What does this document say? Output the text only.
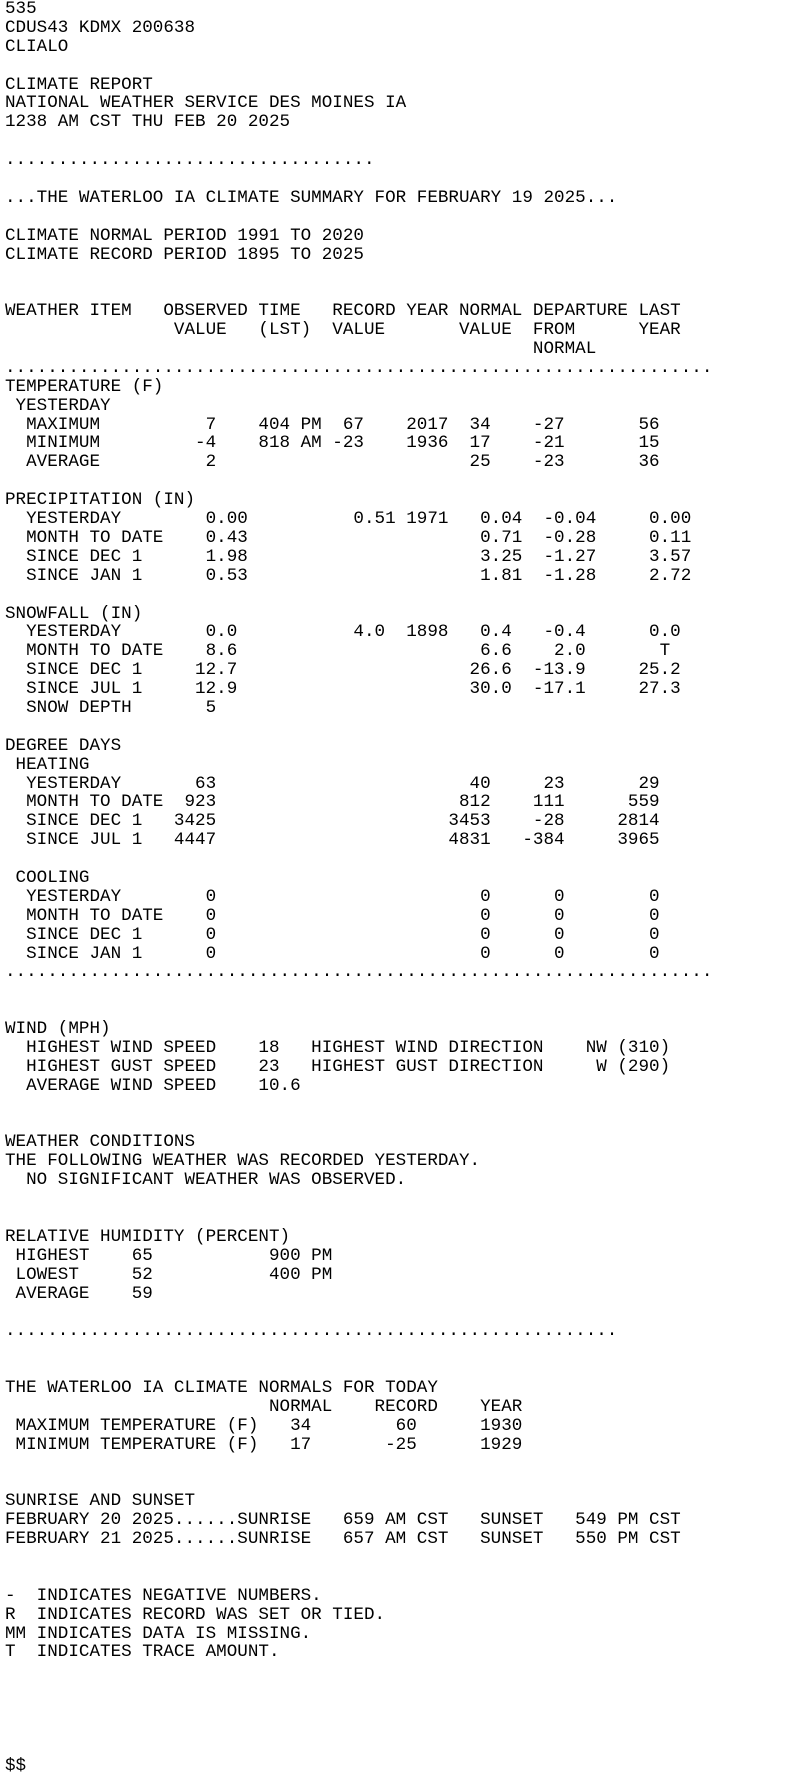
535
CDUS43 KDMX 200638
CLIALO

CLIMATE REPORT
NATIONAL WEATHER SERVICE DES MOINES IA
1238 AM CST THU FEB 20 2025

...................................

...THE WATERLOO IA CLIMATE SUMMARY FOR FEBRUARY 19 2025...

CLIMATE NORMAL PERIOD 1991 TO 2020
CLIMATE RECORD PERIOD 1895 TO 2025

WEATHER ITEM   OBSERVED TIME   RECORD YEAR NORMAL DEPARTURE LAST
VALUE   (LST)  VALUE       VALUE  FROM      YEAR
NORMAL
...................................................................
TEMPERATURE (F)
YESTERDAY
MAXIMUM          7    404 PM  67    2017  34    -27       56
MINIMUM         -4    818 AM -23    1936  17    -21       15
AVERAGE          2                        25    -23       36

PRECIPITATION (IN)
YESTERDAY        0.00          0.51 1971   0.04  -0.04     0.00
MONTH TO DATE    0.43                      0.71  -0.28     0.11
SINCE DEC 1      1.98                      3.25  -1.27     3.57
SINCE JAN 1      0.53                      1.81  -1.28     2.72

SNOWFALL (IN)
YESTERDAY        0.0           4.0  1898   0.4   -0.4      0.0
MONTH TO DATE    8.6                       6.6    2.0       T
SINCE DEC 1     12.7                      26.6  -13.9     25.2
SINCE JUL 1     12.9                      30.0  -17.1     27.3
SNOW DEPTH       5

DEGREE DAYS
HEATING
YESTERDAY       63                        40     23       29
MONTH TO DATE  923                       812    111      559
SINCE DEC 1   3425                      3453    -28     2814
SINCE JUL 1   4447                      4831   -384     3965

COOLING
YESTERDAY        0                         0      0        0
MONTH TO DATE    0                         0      0        0
SINCE DEC 1      0                         0      0        0
SINCE JAN 1      0                         0      0        0
...................................................................

WIND (MPH)
HIGHEST WIND SPEED    18   HIGHEST WIND DIRECTION    NW (310)
HIGHEST GUST SPEED    23   HIGHEST GUST DIRECTION     W (290)
AVERAGE WIND SPEED    10.6

WEATHER CONDITIONS
THE FOLLOWING WEATHER WAS RECORDED YESTERDAY.
NO SIGNIFICANT WEATHER WAS OBSERVED.

RELATIVE HUMIDITY (PERCENT)
HIGHEST    65           900 PM
LOWEST     52           400 PM
AVERAGE    59

..........................................................

THE WATERLOO IA CLIMATE NORMALS FOR TODAY
NORMAL    RECORD    YEAR
MAXIMUM TEMPERATURE (F)   34        60      1930
MINIMUM TEMPERATURE (F)   17       -25      1929

SUNRISE AND SUNSET
FEBRUARY 20 2025......SUNRISE   659 AM CST   SUNSET   549 PM CST
FEBRUARY 21 2025......SUNRISE   657 AM CST   SUNSET   550 PM CST

-  INDICATES NEGATIVE NUMBERS.
R  INDICATES RECORD WAS SET OR TIED.
MM INDICATES DATA IS MISSING.
T  INDICATES TRACE AMOUNT.

$$
